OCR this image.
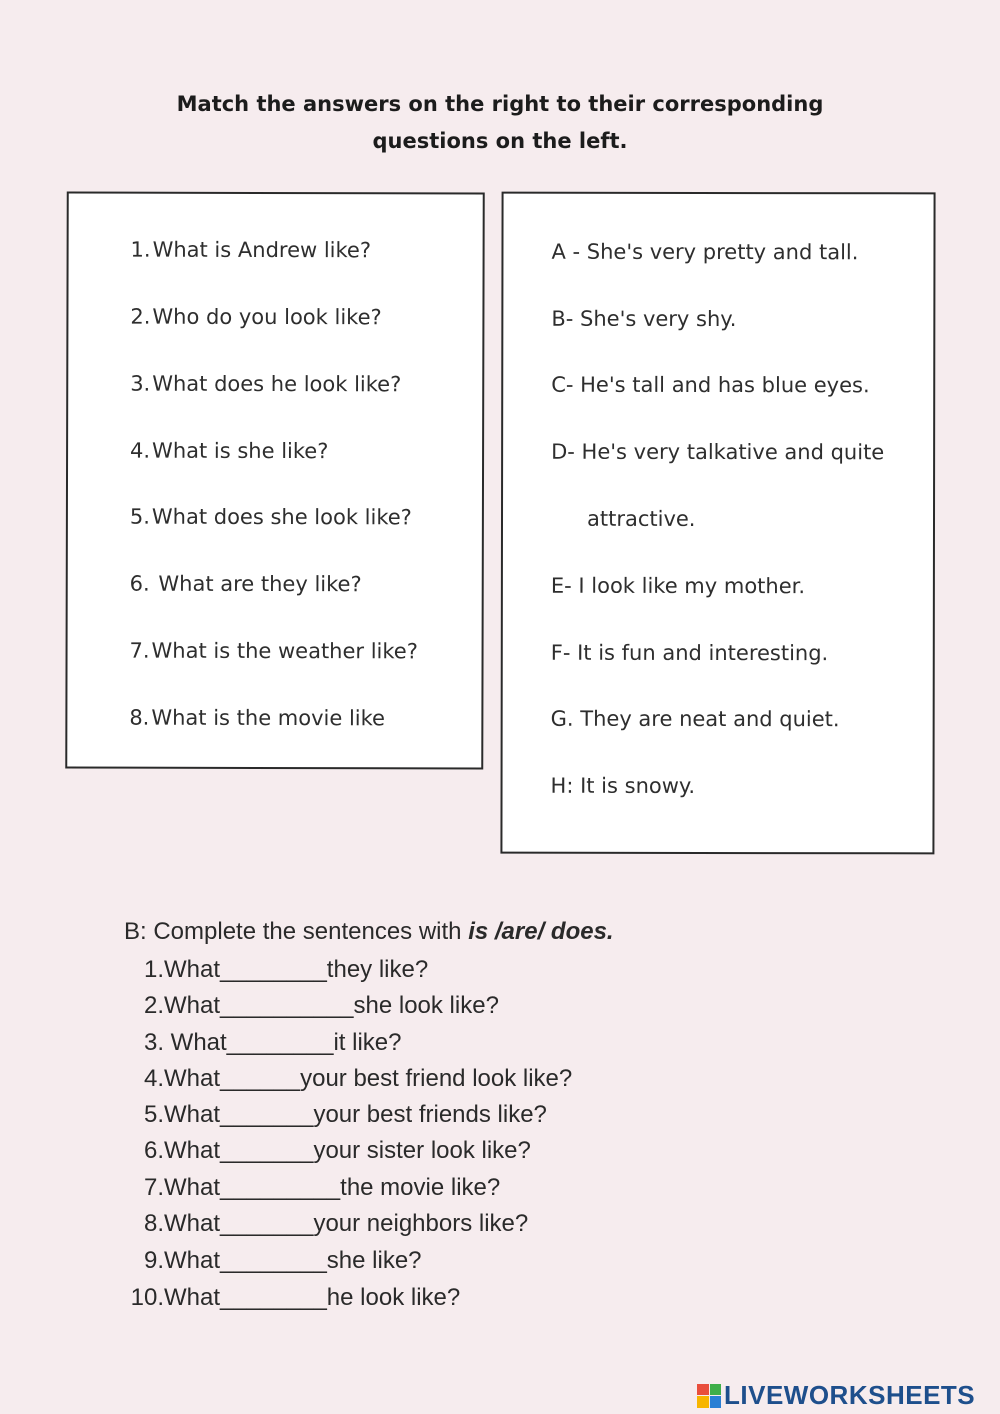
Match the answers on the right to their corresponding
questions on the left.
1.What is Andrew like?
2.Who do you look like?
3.What does he look like?
4.What is she like?
5.What does she look like?
6. What are they like?
7.What is the weather like?
8.What is the movie like
A - She's very pretty and tall.
B- She's very shy.
C- He's tall and has blue eyes.
D- He's very talkative and quite
attractive.
E- I look like my mother.
F- It is fun and interesting.
G. They are neat and quiet.
H: It is snowy.
B: Complete the sentences with is /are/ does.
1.What________they like?
2.What__________she look like?
3. What________it like?
4.What______your best friend look like?
5.What_______your best friends like?
6.What_______your sister look like?
7.What_________the movie like?
8.What_______your neighbors like?
9.What________she like?
10.What________he look like?
LIVEWORKSHEETS
